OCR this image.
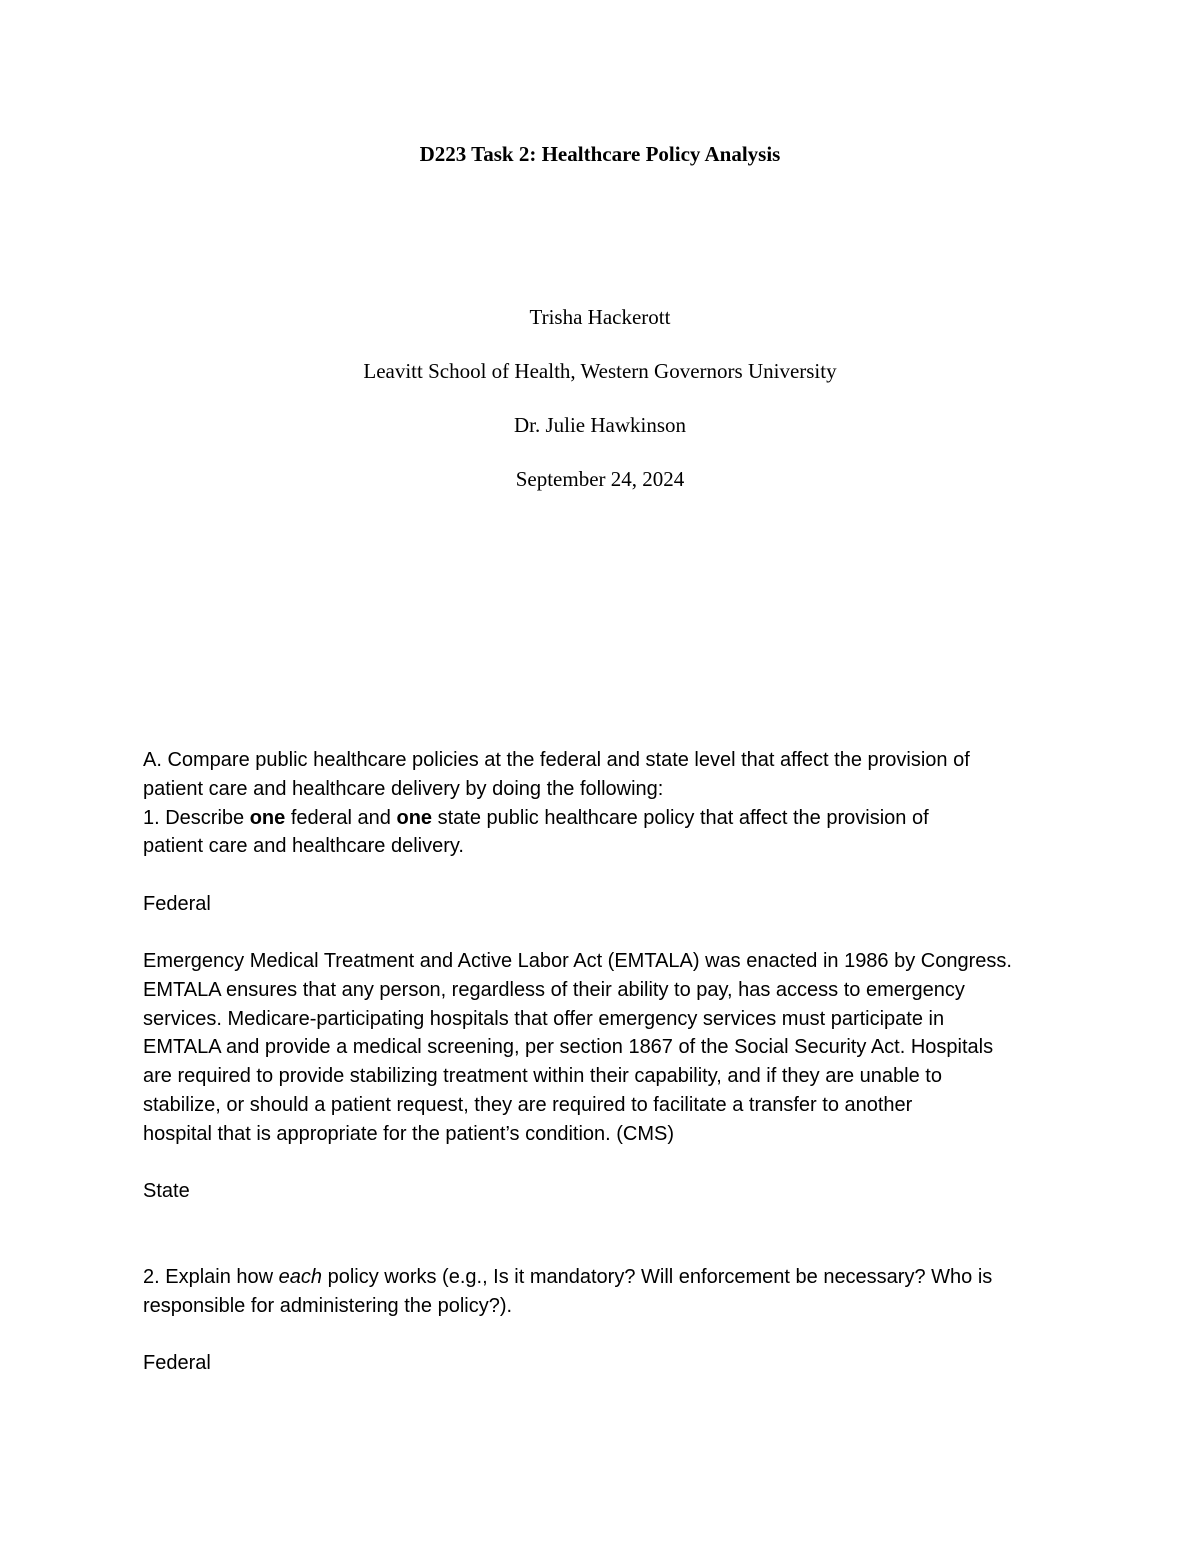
D223 Task 2: Healthcare Policy Analysis
Trisha Hackerott
Leavitt School of Health, Western Governors University
Dr. Julie Hawkinson
September 24, 2024
A. Compare public healthcare policies at the federal and state level that affect the provision of
patient care and healthcare delivery by doing the following:
1. Describe one federal and one state public healthcare policy that affect the provision of
patient care and healthcare delivery.
Federal
Emergency Medical Treatment and Active Labor Act (EMTALA) was enacted in 1986 by Congress.
EMTALA ensures that any person, regardless of their ability to pay, has access to emergency
services. Medicare-participating hospitals that offer emergency services must participate in
EMTALA and provide a medical screening, per section 1867 of the Social Security Act. Hospitals
are required to provide stabilizing treatment within their capability, and if they are unable to
stabilize, or should a patient request, they are required to facilitate a transfer to another
hospital that is appropriate for the patient’s condition. (CMS)
State
2. Explain how each policy works (e.g., Is it mandatory? Will enforcement be necessary? Who is
responsible for administering the policy?).
Federal
